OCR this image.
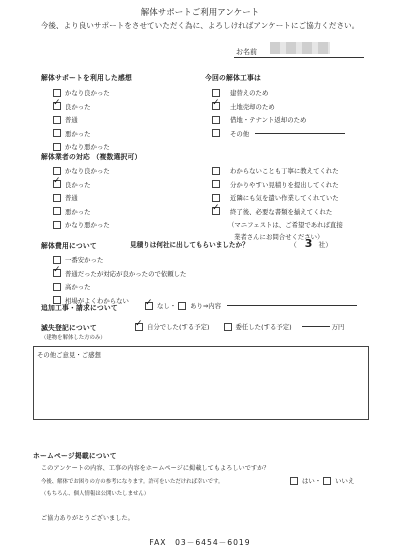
解体サポートご利用アンケート
今後、より良いサポートをさせていただく為に、よろしければアンケートにご協力ください。
お名前
解体サポートを利用した感想
かなり良かった
✓
良かった
普通
悪かった
かなり悪かった
今回の解体工事は
建替えのため
✓
土地売却のため
借地・テナント返却のため
その他
解体業者の対応 （複数選択可）
かなり良かった
✓
良かった
普通
悪かった
かなり悪かった
わからないことも丁寧に教えてくれた
分かりやすい見積りを提出してくれた
近隣にも気を遣い作業してくれていた
✓
終了後、必要な書類を揃えてくれた
（マニフェストは、ご希望であれば直接
業者さんにお問合せください）
解体費用について	見積りは何社に出してもらいましたか？	（ 3 社）
一番安かった
✓
普通だったが対応が良かったので依頼した
高かった
相場がよくわからない
追加工事・請求について
✓	なし・ あり⇒内容
滅失登記について
（建物を解体した方のみ）
✓
自分でした(する予定)	委任した(する予定)	万円
その他ご意見・ご感想
ホームページ掲載について
このアンケートの内容、工事の内容をホームページに掲載してもよろしいですか？
今後、解体でお困りの方の参考になります。許可をいただければ幸いです。	はい・ いいえ
（もちろん、個人情報は公開いたしません）
ご協力ありがとうございました。
FAX　03－6454－6019
